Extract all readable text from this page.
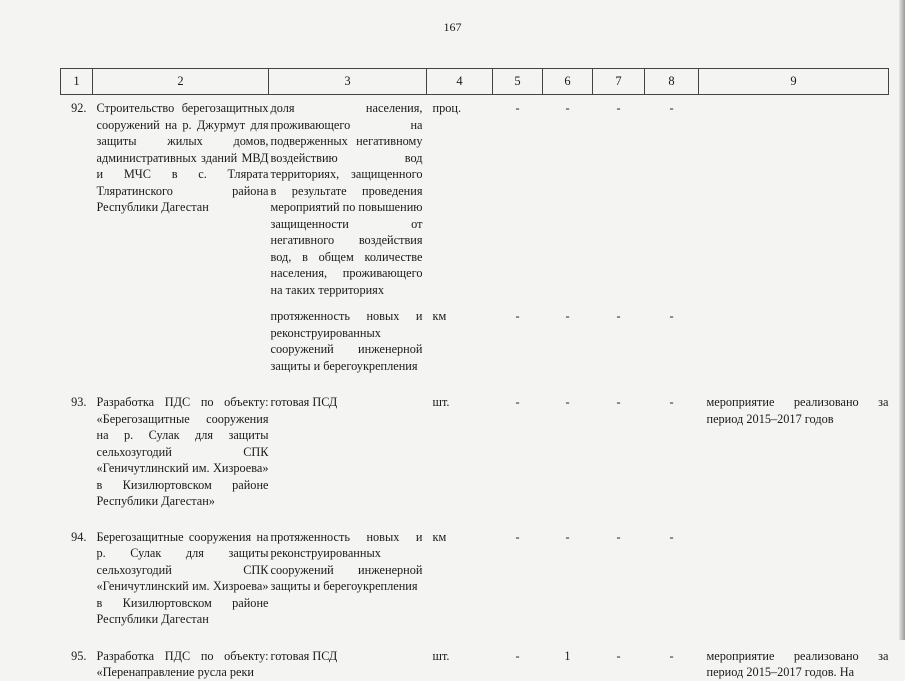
167
1	2	3	4	5	6	7	8	9
92.	Строительство берегозащитных сооружений на р. Джурмут для защиты жилых домов, административных зданий МВД и МЧС в с. Тлярата Тляратинского района Республики Дагестан	доля населения, проживающего на подверженных негативному воздействию вод территориях, защищенного в результате проведения мероприятий по повышению защищенности от негативного воздействия вод, в общем количестве населения, проживающего на таких территориях	проц.	-	-	-	-	
		протяженность новых и реконструированных сооружений инженерной защиты и берегоукрепления	км	-	-	-	-	
93.	Разработка ПДС по объекту: «Берегозащитные сооружения на р. Сулак для защиты сельхозугодий СПК «Геничутлинский им. Хизроева» в Кизилюртовском районе Республики Дагестан»	готовая ПСД	шт.	-	-	-	-	мероприятие реализовано за период 2015–2017 годов
94.	Берегозащитные сооружения на р. Сулак для защиты сельхозугодий СПК «Геничутлинский им. Хизроева» в Кизилюртовском районе Республики Дагестан	протяженность новых и реконструированных сооружений инженерной защиты и берегоукрепления	км	-	-	-	-	
95.	Разработка ПДС по объекту: «Перенаправление русла реки	готовая ПСД	шт.	-	1	-	-	мероприятие реализовано за период 2015–2017 годов. На
